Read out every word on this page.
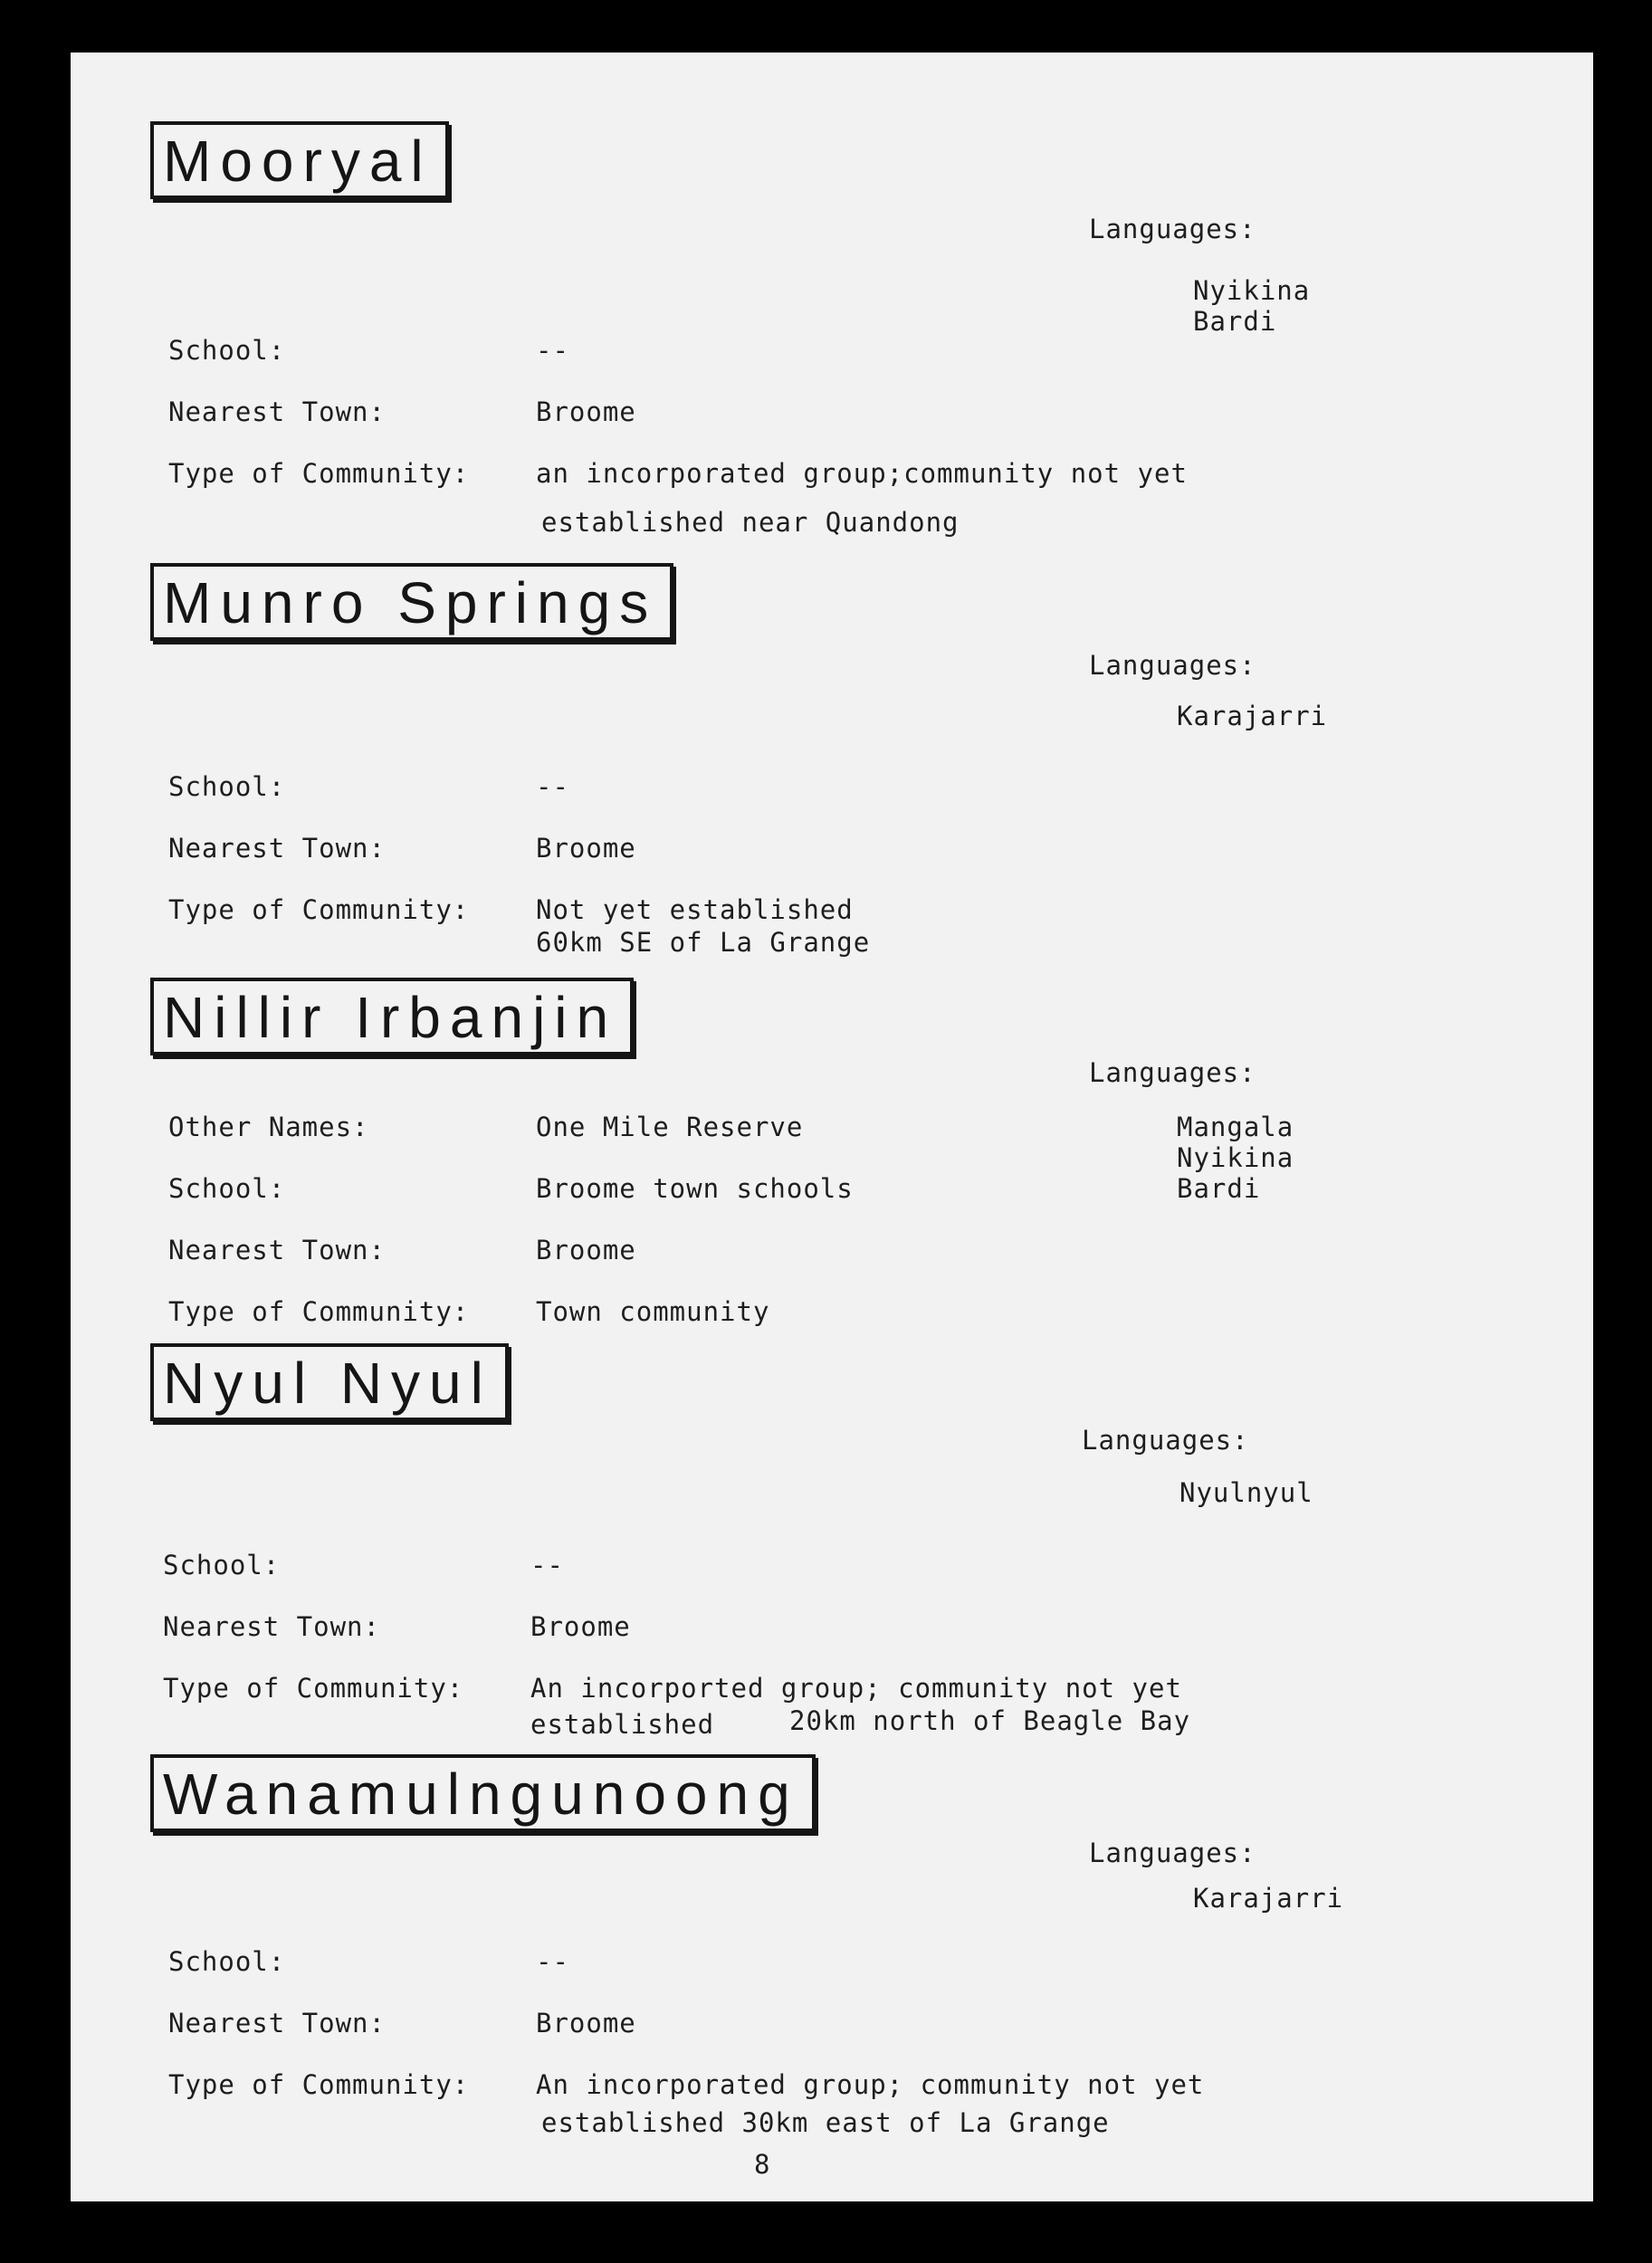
Mooryal
Languages:
Nyikina
Bardi
School:	--
Nearest Town:	Broome
Type of Community:	an incorporated group;community not yet
established near Quandong
Munro Springs
Languages:
Karajarri
School:	--
Nearest Town:	Broome
Type of Community:	Not yet established
60km SE of La Grange
Nillir Irbanjin
Languages:
Mangala
Nyikina
Bardi
Other Names:	One Mile Reserve
School:	Broome town schools
Nearest Town:	Broome
Type of Community:	Town community
Nyul Nyul
Languages:
Nyulnyul
School:	--
Nearest Town:	Broome
Type of Community:	An incorported group; community not yet
established	20km north of Beagle Bay
Wanamulngunoong
Languages:
Karajarri
School:	--
Nearest Town:	Broome
Type of Community:	An incorporated group; community not yet
established 30km east of La Grange
8
